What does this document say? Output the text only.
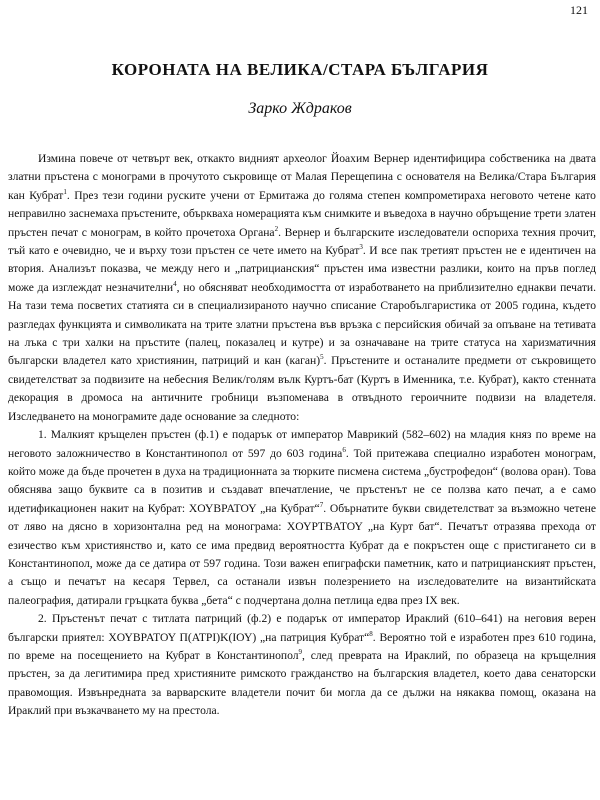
121
КОРОНАТА НА ВЕЛИКА/СТАРА БЪЛГАРИЯ
Зарко Ждраков

Измина повече от четвърт век, откакто видният археолог Йоахим Вернер идентифицира собственика на двата златни пръстена с монограми в прочутото съкровище от Малая Перещепина с основателя на Велика/Стара България кан Кубрат$^1$. През тези години руските учени от Ермитажа до голяма степен компрометираха неговото четене като неправилно заснемаха пръстените, объркваха номерацията към снимките и въведоха в научно обръщение трети златен пръстен печат с монограм, в който прочетоха Органа$^2$. Вернер и българските изследователи оспориха техния прочит, тъй като е очевидно, че и върху този пръстен се чете името на Кубрат$^3$. И все пак третият пръстен не е идентичен на втория. Анализът показва, че между него и „патрицианския“ пръстен има известни разлики, които на пръв поглед може да изглеждат незначителни$^4$, но обясняват необходимостта от изработването на приблизително еднакви печати. На тази тема посветих статията си в специализираното научно списание Старобългаристика от 2005 година, където разгледах функцията и символиката на трите златни пръстена във връзка с персийския обичай за опъване на тетивата на лъка с три халки на пръстите (палец, показалец и кутре) и за означаване на трите статуса на харизматичния български владетел като християнин, патриций и кан (каган)$^5$. Пръстените и останалите предмети от съкровището свидетелстват за подвизите на небесния Велик/голям вълк Куртъ-бат (Куртъ в Именника, т.е. Кубрат), както стенната декорация в дромоса на античните гробници възпоменава в отвъдното героичните подвизи на владетеля. Изследването на монограмите даде основание за следното:

1. Малкият кръщелен пръстен (ф.1) е подарък от император Маврикий (582–602) на младия княз по време на неговото заложничество в Константинопол от 597 до 603 година$^6$. Той притежава специално изработен монограм, който може да бъде прочетен в духа на традиционната за тюрките писмена система „бустрофедон“ (волова оран). Това обяснява защо буквите са в позитив и създават впечатление, че пръстенът не се ползва като печат, а е само идетификационен накит на Кубрат: ΧΟΥΒΡΑΤΟΥ „на Кубрат“$^7$. Обърнатите букви свидетелстват за възможно четене от ляво на дясно в хоризонтална ред на монограма: ΧΟΥΡΤΒΑΤΟΥ „на Курт бат“. Печатът отразява прехода от езичество към християнство и, като се има предвид вероятността Кубрат да е покръстен още с пристигането си в Константинопол, може да се датира от 597 година. Този важен епиграфски паметник, като и патрицианският пръстен, а също и печатът на кесаря Тервел, са останали извън полезрението на изследователите на византийската палеография, датирали гръцката буква „бета“ с подчертана долна петлица едва през IX век.

2. Пръстенът печат с титлата патриций (ф.2) е подарък от император Ираклий (610–641) на неговия верен български приятел: ΧΟΥΒΡΑΤΟΥ Π(ΑΤΡΙ)Κ(ΙΟΥ) „на патриция Кубрат“$^8$. Вероятно той е изработен през 610 година, по време на посещението на Кубрат в Константинопол$^9$, след превратa на Ираклий, по образеца на кръщелния пръстен, за да легитимира пред християните римското гражданство на българския владетел, което дава сенаторски правомощия. Извънредната за варварските владетели почит би могла да се дължи на някаква помощ, оказана на Ираклий при възкачването му на престола.
